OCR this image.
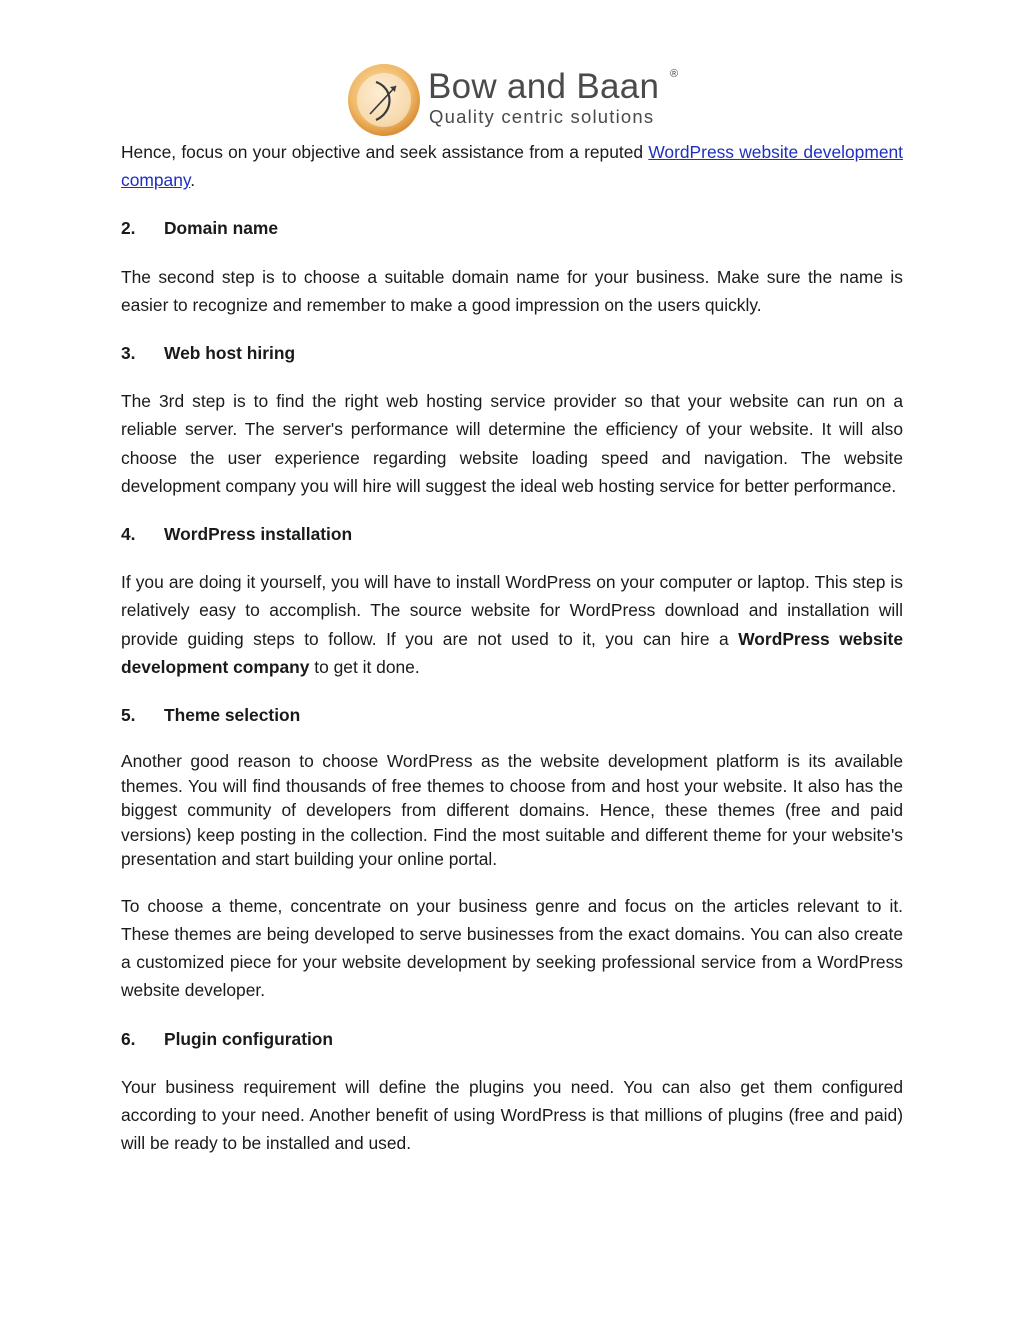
Bow and Baan ®
Quality centric solutions

Hence, focus on your objective and seek assistance from a reputed WordPress website development company.

2.	Domain name

The second step is to choose a suitable domain name for your business. Make sure the name is easier to recognize and remember to make a good impression on the users quickly.

3.	Web host hiring

The 3rd step is to find the right web hosting service provider so that your website can run on a reliable server. The server's performance will determine the efficiency of your website. It will also choose the user experience regarding website loading speed and navigation. The website development company you will hire will suggest the ideal web hosting service for better performance.

4.	WordPress installation

If you are doing it yourself, you will have to install WordPress on your computer or laptop. This step is relatively easy to accomplish. The source website for WordPress download and installation will provide guiding steps to follow. If you are not used to it, you can hire a WordPress website development company to get it done.

5.	Theme selection

Another good reason to choose WordPress as the website development platform is its available themes. You will find thousands of free themes to choose from and host your website. It also has the biggest community of developers from different domains. Hence, these themes (free and paid versions) keep posting in the collection. Find the most suitable and different theme for your website's presentation and start building your online portal.

To choose a theme, concentrate on your business genre and focus on the articles relevant to it. These themes are being developed to serve businesses from the exact domains. You can also create a customized piece for your website development by seeking professional service from a WordPress website developer.

6.	Plugin configuration

Your business requirement will define the plugins you need. You can also get them configured according to your need. Another benefit of using WordPress is that millions of plugins (free and paid) will be ready to be installed and used.
